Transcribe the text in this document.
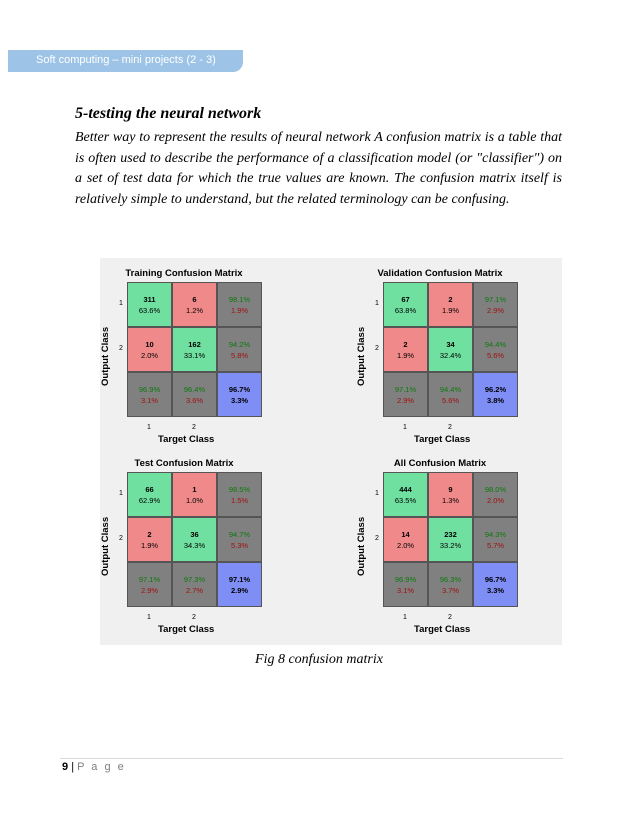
Soft computing – mini projects (2 - 3)
5-testing the neural network

Better way to represent the results of neural network A confusion matrix is a table that is often used to describe the performance of a classification model (or "classifier") on a set of test data for which the true values are known. The confusion matrix itself is relatively simple to understand, but the related terminology can be confusing.

Training Confusion Matrix
311
63.6%
6
1.2%
98.1%
1.9%
10
2.0%
162
33.1%
94.2%
5.8%
96.9%
3.1%
96.4%
3.6%
96.7%
3.3%
1
1
2
2
Target Class
Output Class
Validation Confusion Matrix
67
63.8%
2
1.9%
97.1%
2.9%
2
1.9%
34
32.4%
94.4%
5.6%
97.1%
2.9%
94.4%
5.6%
96.2%
3.8%
1
1
2
2
Target Class
Output Class
Test Confusion Matrix
66
62.9%
1
1.0%
98.5%
1.5%
2
1.9%
36
34.3%
94.7%
5.3%
97.1%
2.9%
97.3%
2.7%
97.1%
2.9%
1
1
2
2
Target Class
Output Class
All Confusion Matrix
444
63.5%
9
1.3%
98.0%
2.0%
14
2.0%
232
33.2%
94.3%
5.7%
96.9%
3.1%
96.3%
3.7%
96.7%
3.3%
1
1
2
2
Target Class
Output Class
Fig 8 confusion matrix
9 | P a g e
